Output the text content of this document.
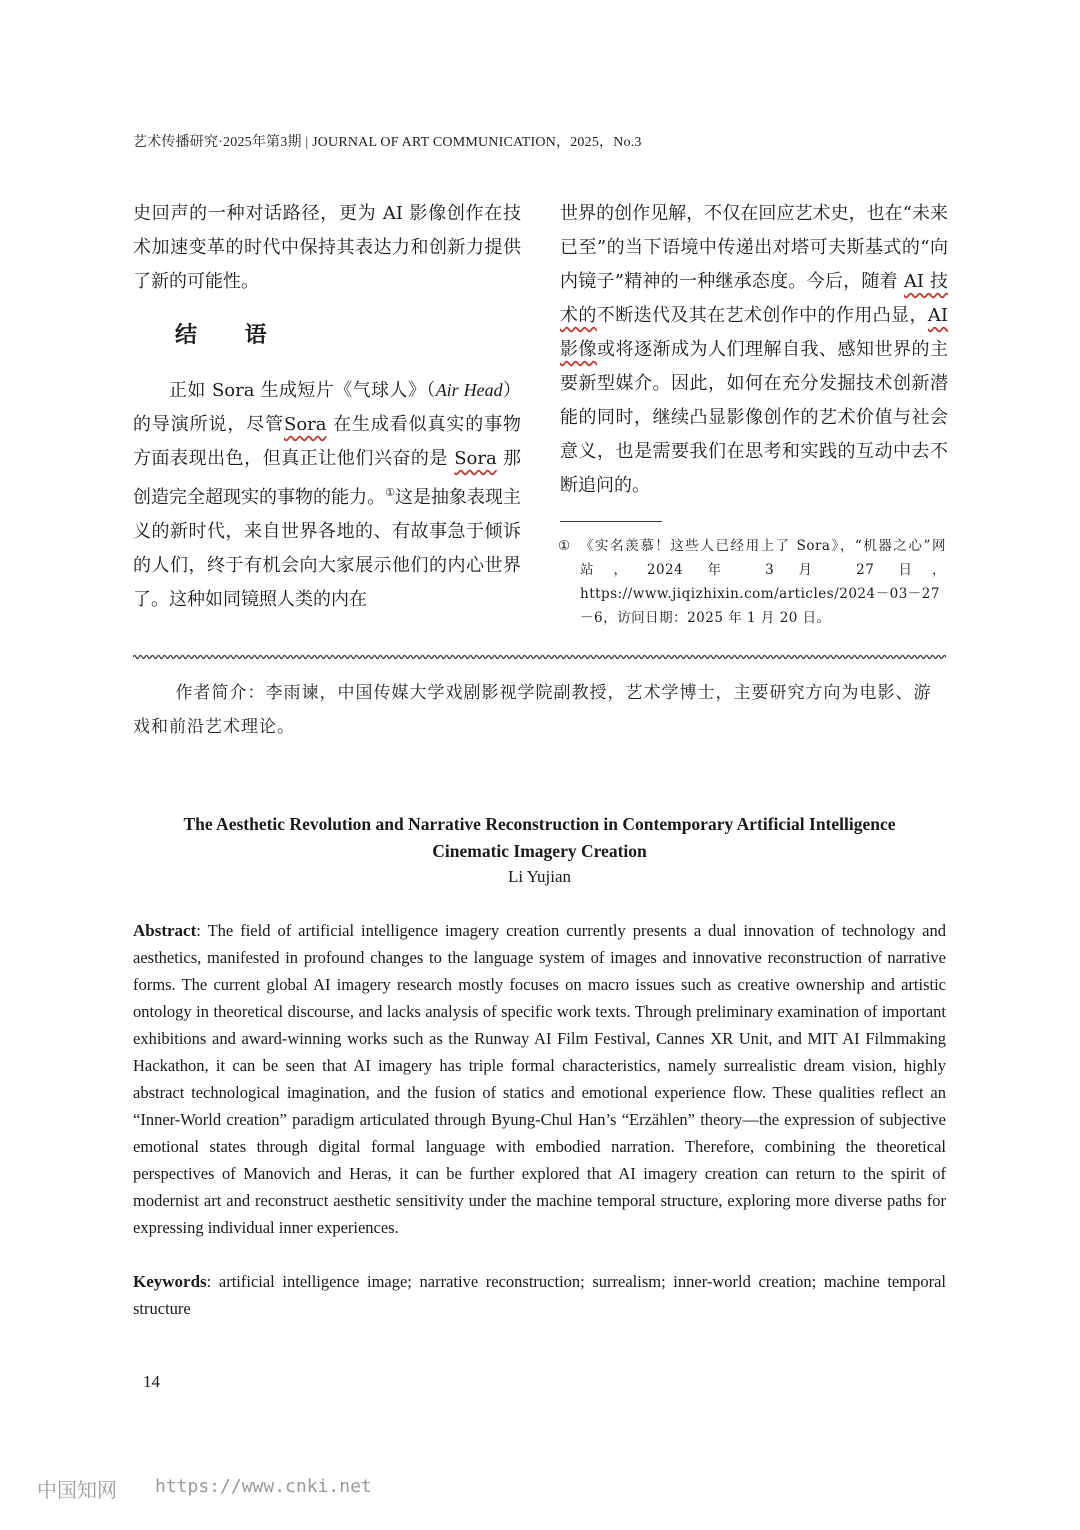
艺术传播研究·2025年第3期 | JOURNAL OF ART COMMUNICATION，2025，No.3

史回声的一种对话路径，更为 AI 影像创作在技术加速变革的时代中保持其表达力和创新力提供了新的可能性。

结 语

正如 Sora 生成短片《气球人》（Air Head）的导演所说，尽管Sora 在生成看似真实的事物方面表现出色，但真正让他们兴奋的是 Sora 那创造完全超现实的事物的能力。①这是抽象表现主义的新时代，来自世界各地的、有故事急于倾诉的人们，终于有机会向大家展示他们的内心世界了。这种如同镜照人类的内在

世界的创作见解，不仅在回应艺术史，也在“未来已至”的当下语境中传递出对塔可夫斯基式的“向内镜子”精神的一种继承态度。今后，随着 AI 技术的不断迭代及其在艺术创作中的作用凸显，AI 影像或将逐渐成为人们理解自我、感知世界的主要新型媒介。因此，如何在充分发掘技术创新潜能的同时，继续凸显影像创作的艺术价值与社会意义，也是需要我们在思考和实践的互动中去不断追问的。

① 《实名羡慕！这些人已经用上了 Sora》，“机器之心”网站，2024 年 3 月 27 日，https://www.jiqizhixin.com/articles/2024－03－27－6，访问日期：2025 年 1 月 20 日。
作者简介：李雨谏，中国传媒大学戏剧影视学院副教授，艺术学博士，主要研究方向为电影、游戏和前沿艺术理论。
The Aesthetic Revolution and Narrative Reconstruction in Contemporary Artificial Intelligence
Cinematic Imagery Creation
Li Yujian
Abstract: The field of artificial intelligence imagery creation currently presents a dual innovation of technology and aesthetics, manifested in profound changes to the language system of images and innovative reconstruction of narrative forms. The current global AI imagery research mostly focuses on macro issues such as creative ownership and artistic ontology in theoretical discourse, and lacks analysis of specific work texts. Through preliminary examination of important exhibitions and award-winning works such as the Runway AI Film Festival, Cannes XR Unit, and MIT AI Filmmaking Hackathon, it can be seen that AI imagery has triple formal characteristics, namely surrealistic dream vision, highly abstract technological imagination, and the fusion of statics and emotional experience flow. These qualities reflect an “Inner-World creation” paradigm articulated through Byung-Chul Han’s “Erzählen” theory—the expression of subjective emotional states through digital formal language with embodied narration. Therefore, combining the theoretical perspectives of Manovich and Heras, it can be further explored that AI imagery creation can return to the spirit of modernist art and reconstruct aesthetic sensitivity under the machine temporal structure, exploring more diverse paths for expressing individual inner experiences.
Keywords: artificial intelligence image; narrative reconstruction; surrealism; inner-world creation; machine temporal structure
14
中国知网 https://www.cnki.net
